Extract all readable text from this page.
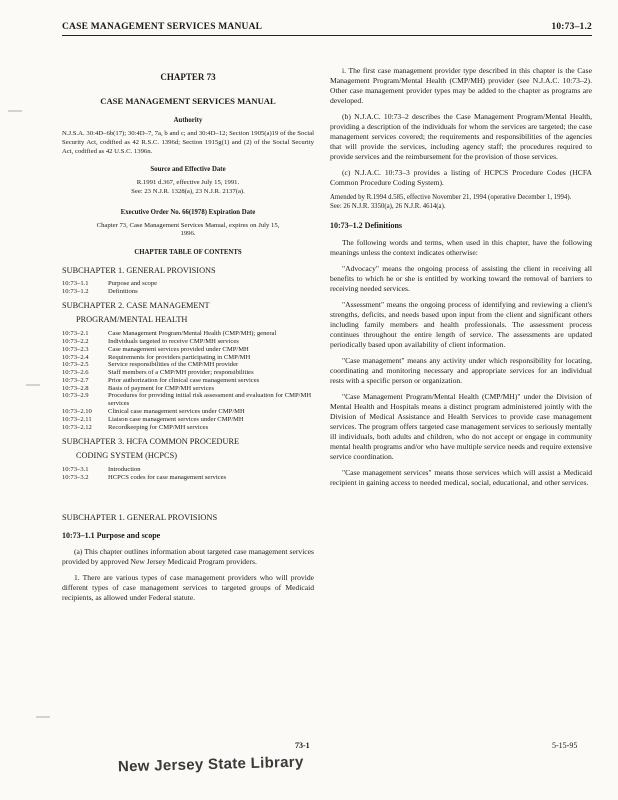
CASE MANAGEMENT SERVICES MANUAL	10:73–1.2
CHAPTER 73
CASE MANAGEMENT SERVICES MANUAL
Authority

N.J.S.A. 30:4D–6b(17); 30:4D–7, 7a, b and c; and 30:4D–12; Section 1905(a)19 of the Social Security Act, codified as 42 R.S.C. 1396d; Section 1915g(1) and (2) of the Social Security Act, codified as 42 U.S.C. 1396n.

Source and Effective Date
R.1991 d.367, effective July 15, 1991.
See: 23 N.J.R. 1328(a), 23 N.J.R. 2137(a).
Executive Order No. 66(1978) Expiration Date
Chapter 73, Case Management Services Manual, expires on July 15, 1996.
CHAPTER TABLE OF CONTENTS
SUBCHAPTER 1. GENERAL PROVISIONS
10:73–1.1	Purpose and scope
10:73–1.2	Definitions
SUBCHAPTER 2. CASE MANAGEMENT
PROGRAM/MENTAL HEALTH
10:73–2.1	Case Management Program/Mental Health (CMP/MH); general
10:73–2.2	Individuals targeted to receive CMP/MH services
10:73–2.3	Case management services provided under CMP/MH
10:73–2.4	Requirements for providers participating in CMP/MH
10:73–2.5	Service responsibilities of the CMP/MH provider
10:73–2.6	Staff members of a CMP/MH provider; responsibilities
10:73–2.7	Prior authorization for clinical case management services
10:73–2.8	Basis of payment for CMP/MH services
10:73–2.9	Procedures for providing initial risk assessment and evaluation for CMP/MH services
10:73–2.10	Clinical case management services under CMP/MH
10:73–2.11	Liaison case management services under CMP/MH
10:73–2.12	Recordkeeping for CMP/MH services
SUBCHAPTER 3. HCFA COMMON PROCEDURE
CODING SYSTEM (HCPCS)
10:73–3.1	Introduction
10:73–3.2	HCPCS codes for case management services
SUBCHAPTER 1. GENERAL PROVISIONS
10:73–1.1 Purpose and scope

(a) This chapter outlines information about targeted case management services provided by approved New Jersey Medicaid Program providers.

1. There are various types of case management providers who will provide different types of case management services to targeted groups of Medicaid recipients, as allowed under Federal statute.

i. The first case management provider type described in this chapter is the Case Management Program/Mental Health (CMP/MH) provider (see N.J.A.C. 10:73–2). Other case management provider types may be added to the chapter as programs are developed.

(b) N.J.A.C. 10:73–2 describes the Case Management Program/Mental Health, providing a description of the individuals for whom the services are targeted; the case management services covered; the requirements and responsibilities of the agencies that will provide the services, including agency staff; the procedures required to provide services and the reimbursement for the provision of those services.

(c) N.J.A.C. 10:73–3 provides a listing of HCPCS Procedure Codes (HCFA Common Procedure Coding System).

Amended by R.1994 d.585, effective November 21, 1994 (operative December 1, 1994).
See: 26 N.J.R. 3350(a), 26 N.J.R. 4614(a).
10:73–1.2 Definitions

The following words and terms, when used in this chapter, have the following meanings unless the context indicates otherwise:

"Advocacy" means the ongoing process of assisting the client in receiving all benefits to which he or she is entitled by working toward the removal of barriers to receiving needed services.

"Assessment" means the ongoing process of identifying and reviewing a client's strengths, deficits, and needs based upon input from the client and significant others including family members and health professionals. The assessment process continues throughout the entire length of service. The assessments are updated periodically based upon availability of client information.

"Case management" means any activity under which responsibility for locating, coordinating and monitoring necessary and appropriate services for an individual rests with a specific person or organization.

"Case Management Program/Mental Health (CMP/MH)" under the Division of Mental Health and Hospitals means a distinct program administered jointly with the Division of Medical Assistance and Health Services to provide case management services. The program offers targeted case management services to seriously mentally ill individuals, both adults and children, who do not accept or engage in community mental health programs and/or who have multiple service needs and require extensive service coordination.

"Case management services" means those services which will assist a Medicaid recipient in gaining access to needed medical, social, educational, and other services.

73-1	5-15-95
New Jersey State Library
